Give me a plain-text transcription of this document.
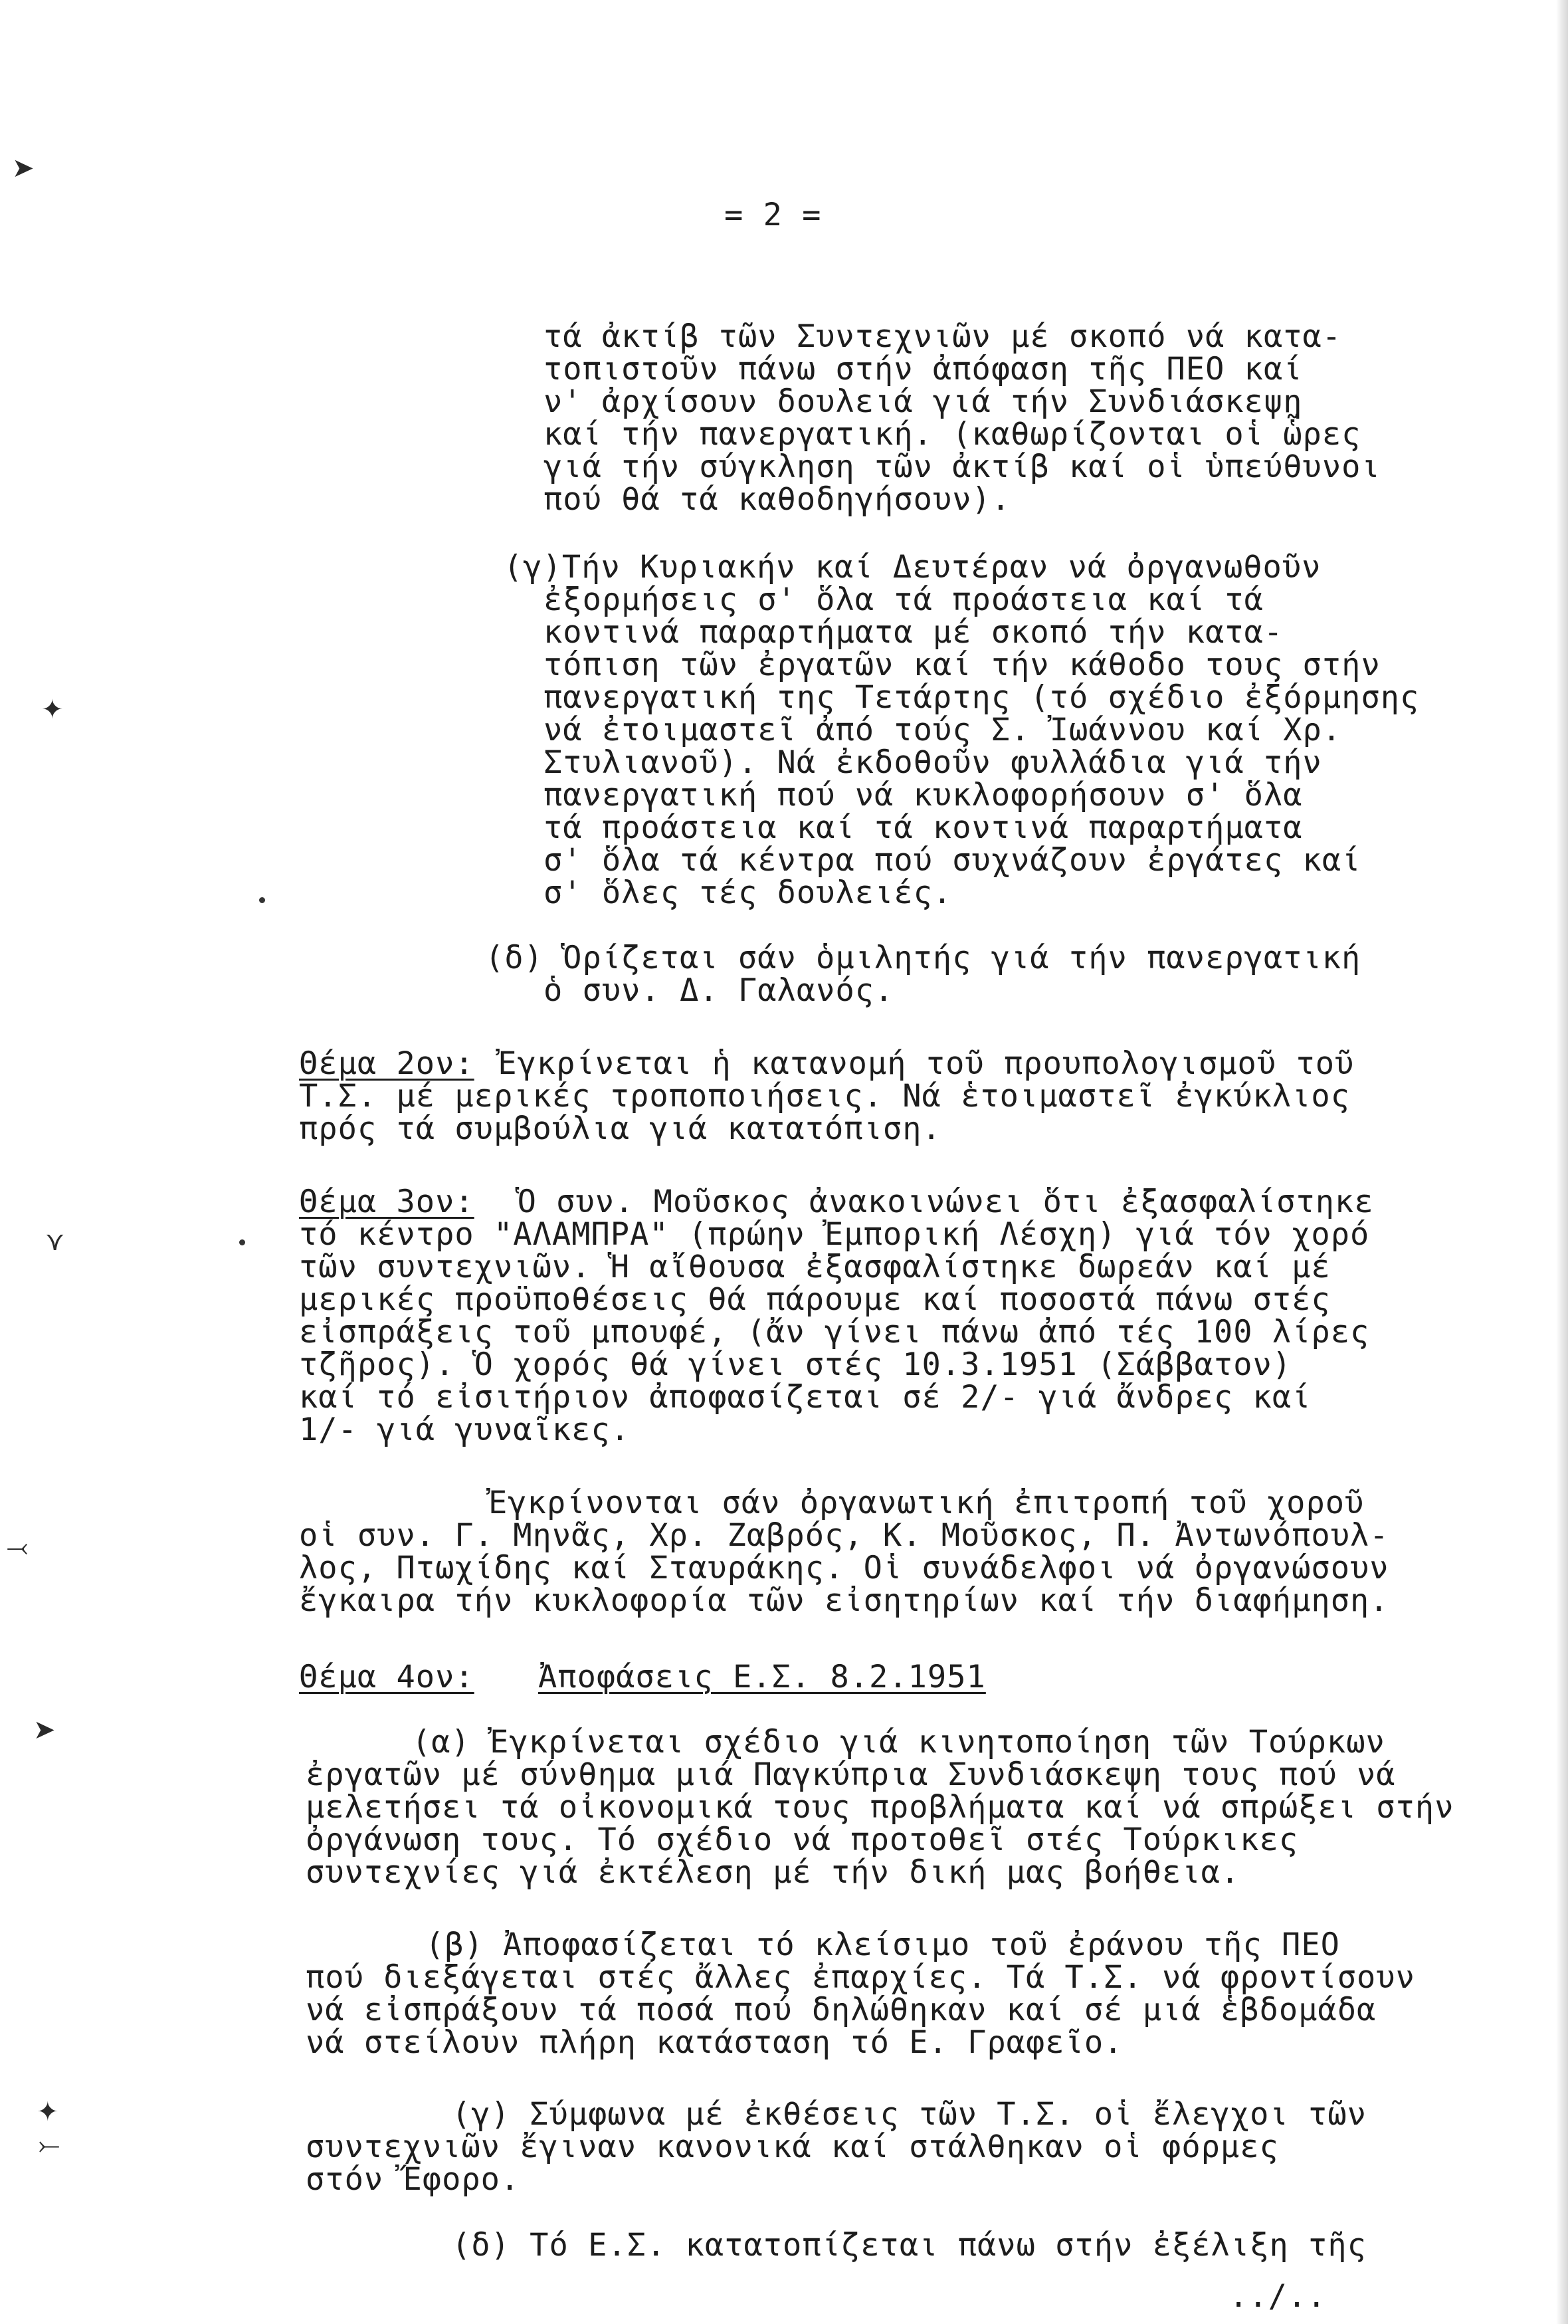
➤
✦
⋎
⤙
➤
✦
⤚
= 2 =
τά ἀκτίβ τῶν Συντεχνιῶν μέ σκοπό νά κατα-
τοπιστοῦν πάνω στήν ἀπόφαση τῆς ΠΕΟ καί
ν' ἀρχίσουν δουλειά γιά τήν Συνδιάσκεψη
καί τήν πανεργατική. (καθωρίζονται οἱ ὧρες
γιά τήν σύγκληση τῶν ἀκτίβ καί οἱ ὑπεύθυνοι
πού θά τά καθοδηγήσουν).
(γ)Τήν Κυριακήν καί Δευτέραν νά ὀργανωθοῦν
ἐξορμήσεις σ' ὅλα τά προάστεια καί τά
κοντινά παραρτήματα μέ σκοπό τήν κατα-
τόπιση τῶν ἐργατῶν καί τήν κάθοδο τους στήν
πανεργατική της Τετάρτης (τό σχέδιο ἐξόρμησης
νά ἐτοιμαστεῖ ἀπό τούς Σ. Ἰωάννου καί Χρ.
Στυλιανοῦ). Νά ἐκδοθοῦν φυλλάδια γιά τήν
πανεργατική πού νά κυκλοφορήσουν σ' ὅλα
τά προάστεια καί τά κοντινά παραρτήματα
σ' ὅλα τά κέντρα πού συχνάζουν ἐργάτες καί
σ' ὅλες τές δουλειές.
(δ) Ὁρίζεται σάν ὁμιλητής γιά τήν πανεργατική
ὁ συν. Δ. Γαλανός.
Θέμα 2ον: Ἐγκρίνεται ἡ κατανομή τοῦ προυπολογισμοῦ τοῦ
Τ.Σ. μέ μερικές τροποποιήσεις. Νά ἑτοιμαστεῖ ἐγκύκλιος
πρός τά συμβούλια γιά κατατόπιση.
Θέμα 3ον: Ὁ συν. Μοῦσκος ἀνακοινώνει ὅτι ἐξασφαλίστηκε
τό κέντρο "ΑΛΑΜΠΡΑ" (πρώην Ἐμπορική Λέσχη) γιά τόν χορό
τῶν συντεχνιῶν. Ἡ αἴθουσα ἐξασφαλίστηκε δωρεάν καί μέ
μερικές προϋποθέσεις θά πάρουμε καί ποσοστά πάνω στές
εἰσπράξεις τοῦ μπουφέ, (ἄν γίνει πάνω ἀπό τές 100 λίρες
τζῆρος). Ὁ χορός θά γίνει στές 10.3.1951 (Σάββατον)
καί τό εἰσιτήριον ἀποφασίζεται σέ 2/- γιά ἄνδρες καί
1/- γιά γυναῖκες.
Ἐγκρίνονται σάν ὀργανωτική ἐπιτροπή τοῦ χοροῦ
οἱ συν. Γ. Μηνᾶς, Χρ. Ζαβρός, Κ. Μοῦσκος, Π. Ἀντωνόπουλ-
λος, Πτωχίδης καί Σταυράκης. Οἱ συνάδελφοι νά ὀργανώσουν
ἔγκαιρα τήν κυκλοφορία τῶν εἰσητηρίων καί τήν διαφήμηση.
Θέμα 4ον: Ἀποφάσεις Ε.Σ. 8.2.1951
(α) Ἐγκρίνεται σχέδιο γιά κινητοποίηση τῶν Τούρκων
ἐργατῶν μέ σύνθημα μιά Παγκύπρια Συνδιάσκεψη τους πού νά
μελετήσει τά οἰκονομικά τους προβλήματα καί νά σπρώξει στήν
ὀργάνωση τους. Τό σχέδιο νά προτοθεῖ στές Τούρκικες
συντεχνίες γιά ἐκτέλεση μέ τήν δική μας βοήθεια.
(β) Ἀποφασίζεται τό κλείσιμο τοῦ ἐράνου τῆς ΠΕΟ
πού διεξάγεται στές ἄλλες ἐπαρχίες. Τά Τ.Σ. νά φροντίσουν
νά εἰσπράξουν τά ποσά πού δηλώθηκαν καί σέ μιά ἑβδομάδα
νά στείλουν πλήρη κατάσταση τό Ε. Γραφεῖο.
(γ) Σύμφωνα μέ ἐκθέσεις τῶν Τ.Σ. οἱ ἔλεγχοι τῶν
συντεχνιῶν ἔγιναν κανονικά καί στάλθηκαν οἱ φόρμες
στόν Ἔφορο.
(δ) Τό Ε.Σ. κατατοπίζεται πάνω στήν ἐξέλιξη τῆς
../..
